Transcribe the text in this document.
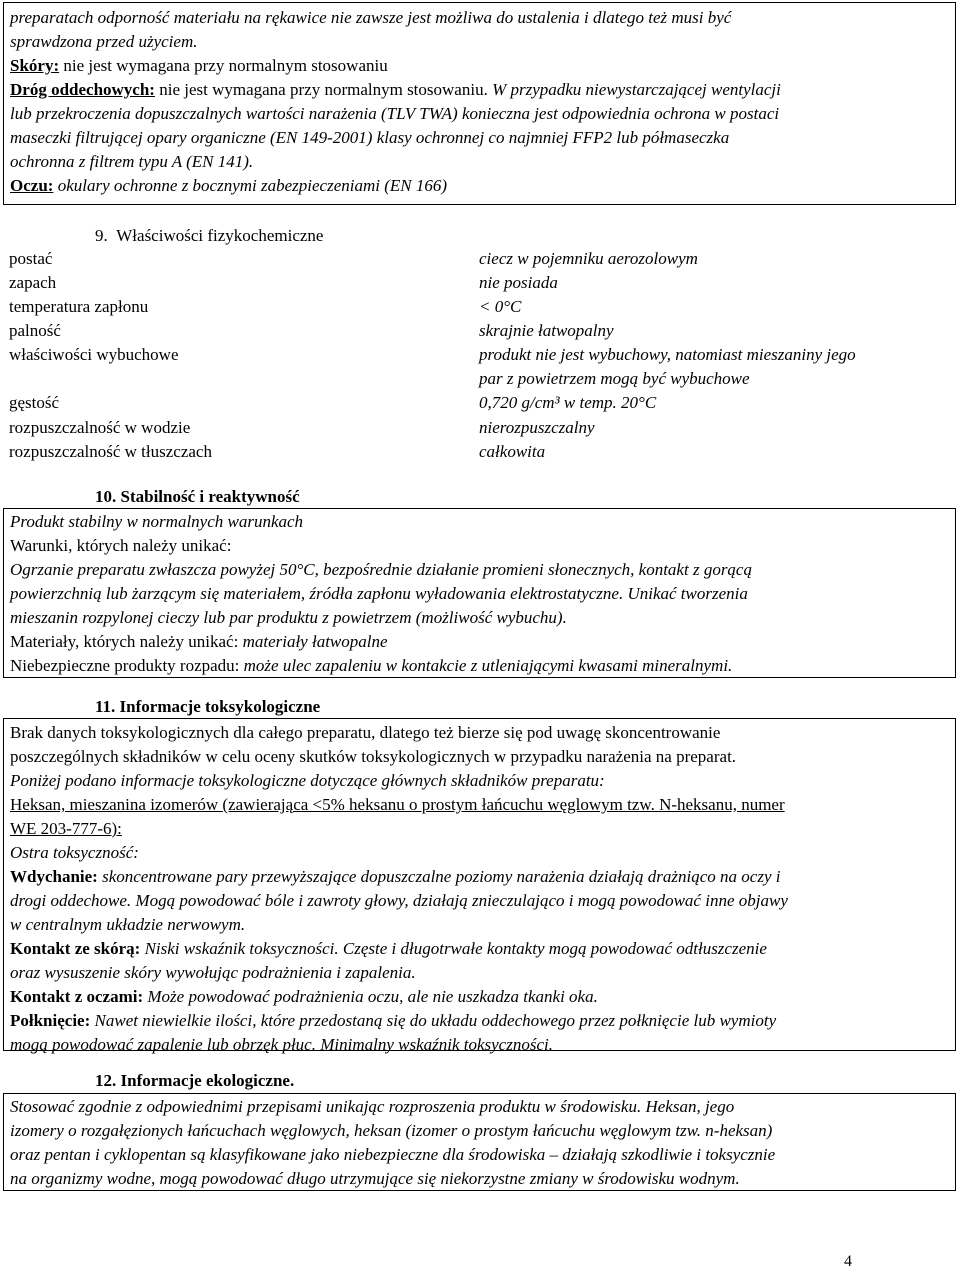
preparatach odporność materiału na rękawice nie zawsze jest możliwa do ustalenia i dlatego też musi być
sprawdzona przed użyciem.
Skóry: nie jest wymagana przy normalnym stosowaniu
Dróg oddechowych: nie jest wymagana przy normalnym stosowaniu. W przypadku niewystarczającej wentylacji
lub przekroczenia dopuszczalnych wartości narażenia (TLV TWA) konieczna jest odpowiednia ochrona w postaci
maseczki filtrującej opary organiczne (EN 149-2001) klasy ochronnej co najmniej FFP2 lub półmaseczka
ochronna z filtrem typu A (EN 141).
Oczu: okulary ochronne z bocznymi zabezpieczeniami (EN 166)
9. Właściwości fizykochemiczne
postać	ciecz w pojemniku aerozolowym
zapach	nie posiada
temperatura zapłonu	< 0°C
palność	skrajnie łatwopalny
właściwości wybuchowe	produkt nie jest wybuchowy, natomiast mieszaniny jego
par z powietrzem mogą być wybuchowe
gęstość	0,720 g/cm³ w temp. 20°C
rozpuszczalność w wodzie	nierozpuszczalny
rozpuszczalność w tłuszczach	całkowita
10. Stabilność i reaktywność
Produkt stabilny w normalnych warunkach
Warunki, których należy unikać:
Ogrzanie preparatu zwłaszcza powyżej 50°C, bezpośrednie działanie promieni słonecznych, kontakt z gorącą
powierzchnią lub żarzącym się materiałem, źródła zapłonu wyładowania elektrostatyczne. Unikać tworzenia
mieszanin rozpylonej cieczy lub par produktu z powietrzem (możliwość wybuchu).
Materiały, których należy unikać: materiały łatwopalne
Niebezpieczne produkty rozpadu: może ulec zapaleniu w kontakcie z utleniającymi kwasami mineralnymi.
11. Informacje toksykologiczne
Brak danych toksykologicznych dla całego preparatu, dlatego też bierze się pod uwagę skoncentrowanie
poszczególnych składników w celu oceny skutków toksykologicznych w przypadku narażenia na preparat.
Poniżej podano informacje toksykologiczne dotyczące głównych składników preparatu:
Heksan, mieszanina izomerów (zawierająca <5% heksanu o prostym łańcuchu węglowym tzw. N-heksanu, numer
WE 203-777-6):
Ostra toksyczność:
Wdychanie: skoncentrowane pary przewyższające dopuszczalne poziomy narażenia działają drażniąco na oczy i
drogi oddechowe. Mogą powodować bóle i zawroty głowy, działają znieczulająco i mogą powodować inne objawy
w centralnym układzie nerwowym.
Kontakt ze skórą: Niski wskaźnik toksyczności. Częste i długotrwałe kontakty mogą powodować odtłuszczenie
oraz wysuszenie skóry wywołując podrażnienia i zapalenia.
Kontakt z oczami: Może powodować podrażnienia oczu, ale nie uszkadza tkanki oka.
Połknięcie: Nawet niewielkie ilości, które przedostaną się do układu oddechowego przez połknięcie lub wymioty
mogą powodować zapalenie lub obrzęk płuc. Minimalny wskaźnik toksyczności.
12. Informacje ekologiczne.
Stosować zgodnie z odpowiednimi przepisami unikając rozproszenia produktu w środowisku. Heksan, jego
izomery o rozgałęzionych łańcuchach węglowych, heksan (izomer o prostym łańcuchu węglowym tzw. n-heksan)
oraz pentan i cyklopentan są klasyfikowane jako niebezpieczne dla środowiska – działają szkodliwie i toksycznie
na organizmy wodne, mogą powodować długo utrzymujące się niekorzystne zmiany w środowisku wodnym.
4
